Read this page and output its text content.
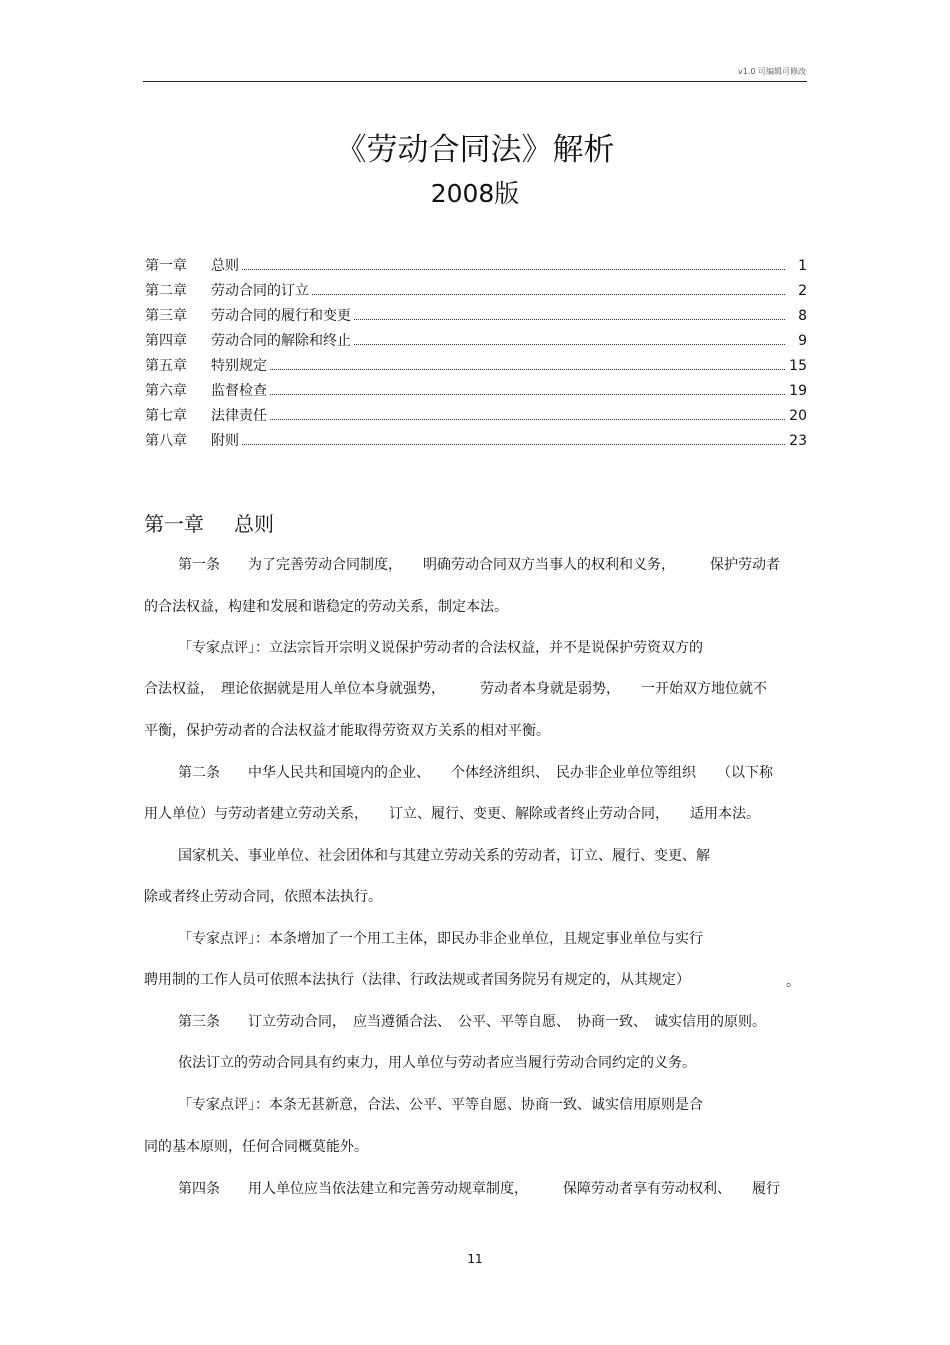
v1.0 可编辑可修改
《劳动合同法》解析
2008版
第一章 总则	1
第二章 劳动合同的订立	2
第三章 劳动合同的履行和变更	8
第四章 劳动合同的解除和终止	9
第五章 特别规定	15
第六章 监督检查	19
第七章 法律责任	20
第八章 附则	23
第一章 总则
第一条　　为了完善劳动合同制度，　　明确劳动合同双方当事人的权利和义务，　　　保护劳动者
的合法权益，构建和发展和谐稳定的劳动关系，制定本法。
「专家点评」：立法宗旨开宗明义说保护劳动者的合法权益，并不是说保护劳资双方的
合法权益，　理论依据就是用人单位本身就强势，　　　劳动者本身就是弱势，　　一开始双方地位就不
平衡，保护劳动者的合法权益才能取得劳资双方关系的相对平衡。
第二条　　中华人民共和国境内的企业、　　个体经济组织、　民办非企业单位等组织　　（以下称
用人单位）与劳动者建立劳动关系，　　订立、履行、变更、解除或者终止劳动合同，　　适用本法。
国家机关、事业单位、社会团体和与其建立劳动关系的劳动者，订立、履行、变更、解
除或者终止劳动合同，依照本法执行。
「专家点评」：本条增加了一个用工主体，即民办非企业单位，且规定事业单位与实行
聘用制的工作人员可依照本法执行（法律、行政法规或者国务院另有规定的，从其规定）	。
第三条　　订立劳动合同，　应当遵循合法、　公平、平等自愿、　协商一致、　诚实信用的原则。
依法订立的劳动合同具有约束力，用人单位与劳动者应当履行劳动合同约定的义务。
「专家点评」：本条无甚新意，合法、公平、平等自愿、协商一致、诚实信用原则是合
同的基本原则，任何合同概莫能外。
第四条　　用人单位应当依法建立和完善劳动规章制度，　　　保障劳动者享有劳动权利、　　履行
11
